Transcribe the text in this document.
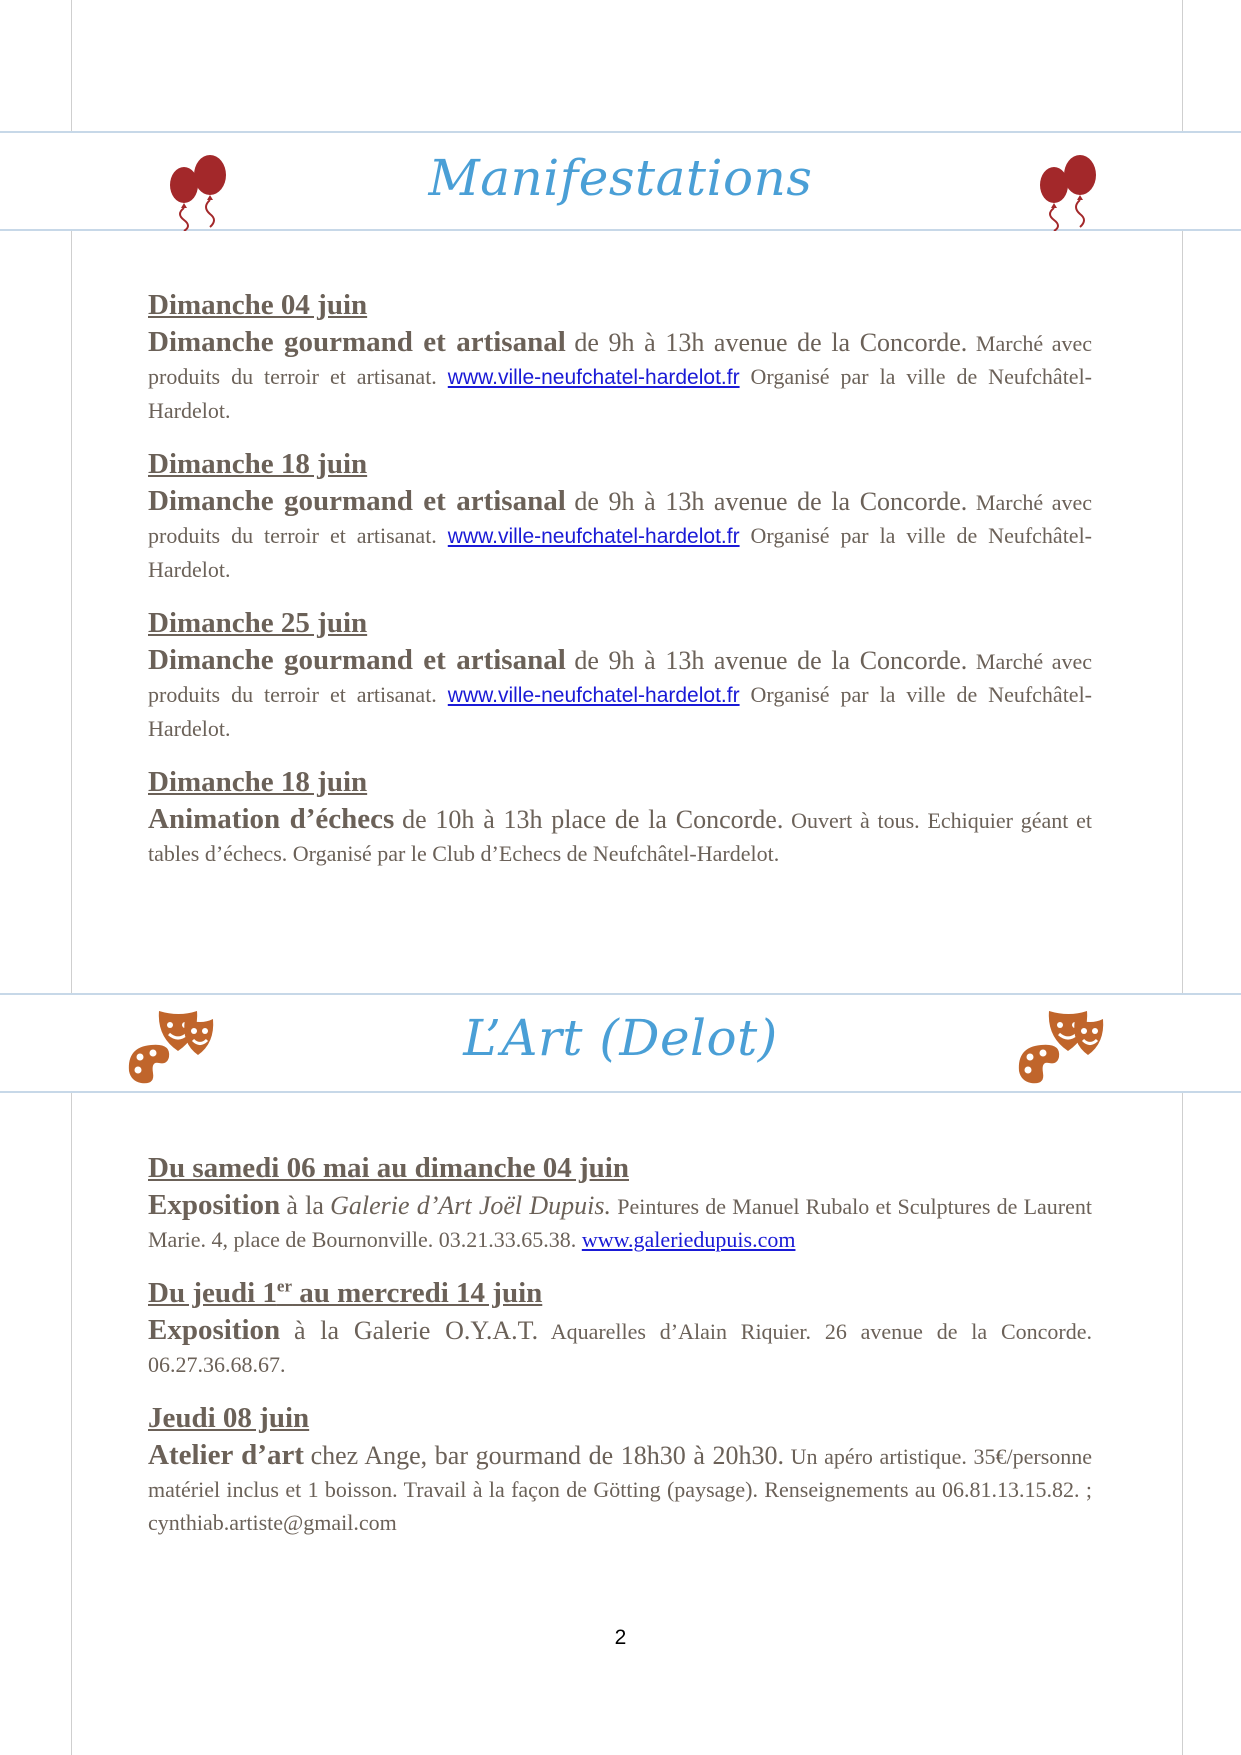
Manifestations

Dimanche 04 juin

Dimanche gourmand et artisanal de 9h à 13h avenue de la Concorde. Marché avec produits du terroir et artisanat. www.ville-neufchatel-hardelot.fr Organisé par la ville de Neufchâtel-Hardelot.

Dimanche 18 juin

Dimanche gourmand et artisanal de 9h à 13h avenue de la Concorde. Marché avec produits du terroir et artisanat. www.ville-neufchatel-hardelot.fr Organisé par la ville de Neufchâtel-Hardelot.

Dimanche 25 juin

Dimanche gourmand et artisanal de 9h à 13h avenue de la Concorde. Marché avec produits du terroir et artisanat. www.ville-neufchatel-hardelot.fr Organisé par la ville de Neufchâtel-Hardelot.

Dimanche 18 juin

Animation d’échecs de 10h à 13h place de la Concorde. Ouvert à tous. Echiquier géant et tables d’échecs. Organisé par le Club d’Echecs de Neufchâtel-Hardelot.

L’Art (Delot)

Du samedi 06 mai au dimanche 04 juin

Exposition à la Galerie d’Art Joël Dupuis. Peintures de Manuel Rubalo et Sculptures de Laurent Marie. 4, place de Bournonville. 03.21.33.65.38. www.galeriedupuis.com

Du jeudi 1er au mercredi 14 juin

Exposition à la Galerie O.Y.A.T. Aquarelles d’Alain Riquier. 26 avenue de la Concorde. 06.27.36.68.67.

Jeudi 08 juin

Atelier d’art chez Ange, bar gourmand de 18h30 à 20h30. Un apéro artistique. 35€/personne matériel inclus et 1 boisson. Travail à la façon de Götting (paysage). Renseignements au 06.81.13.15.82. ; cynthiab.artiste@gmail.com

2
